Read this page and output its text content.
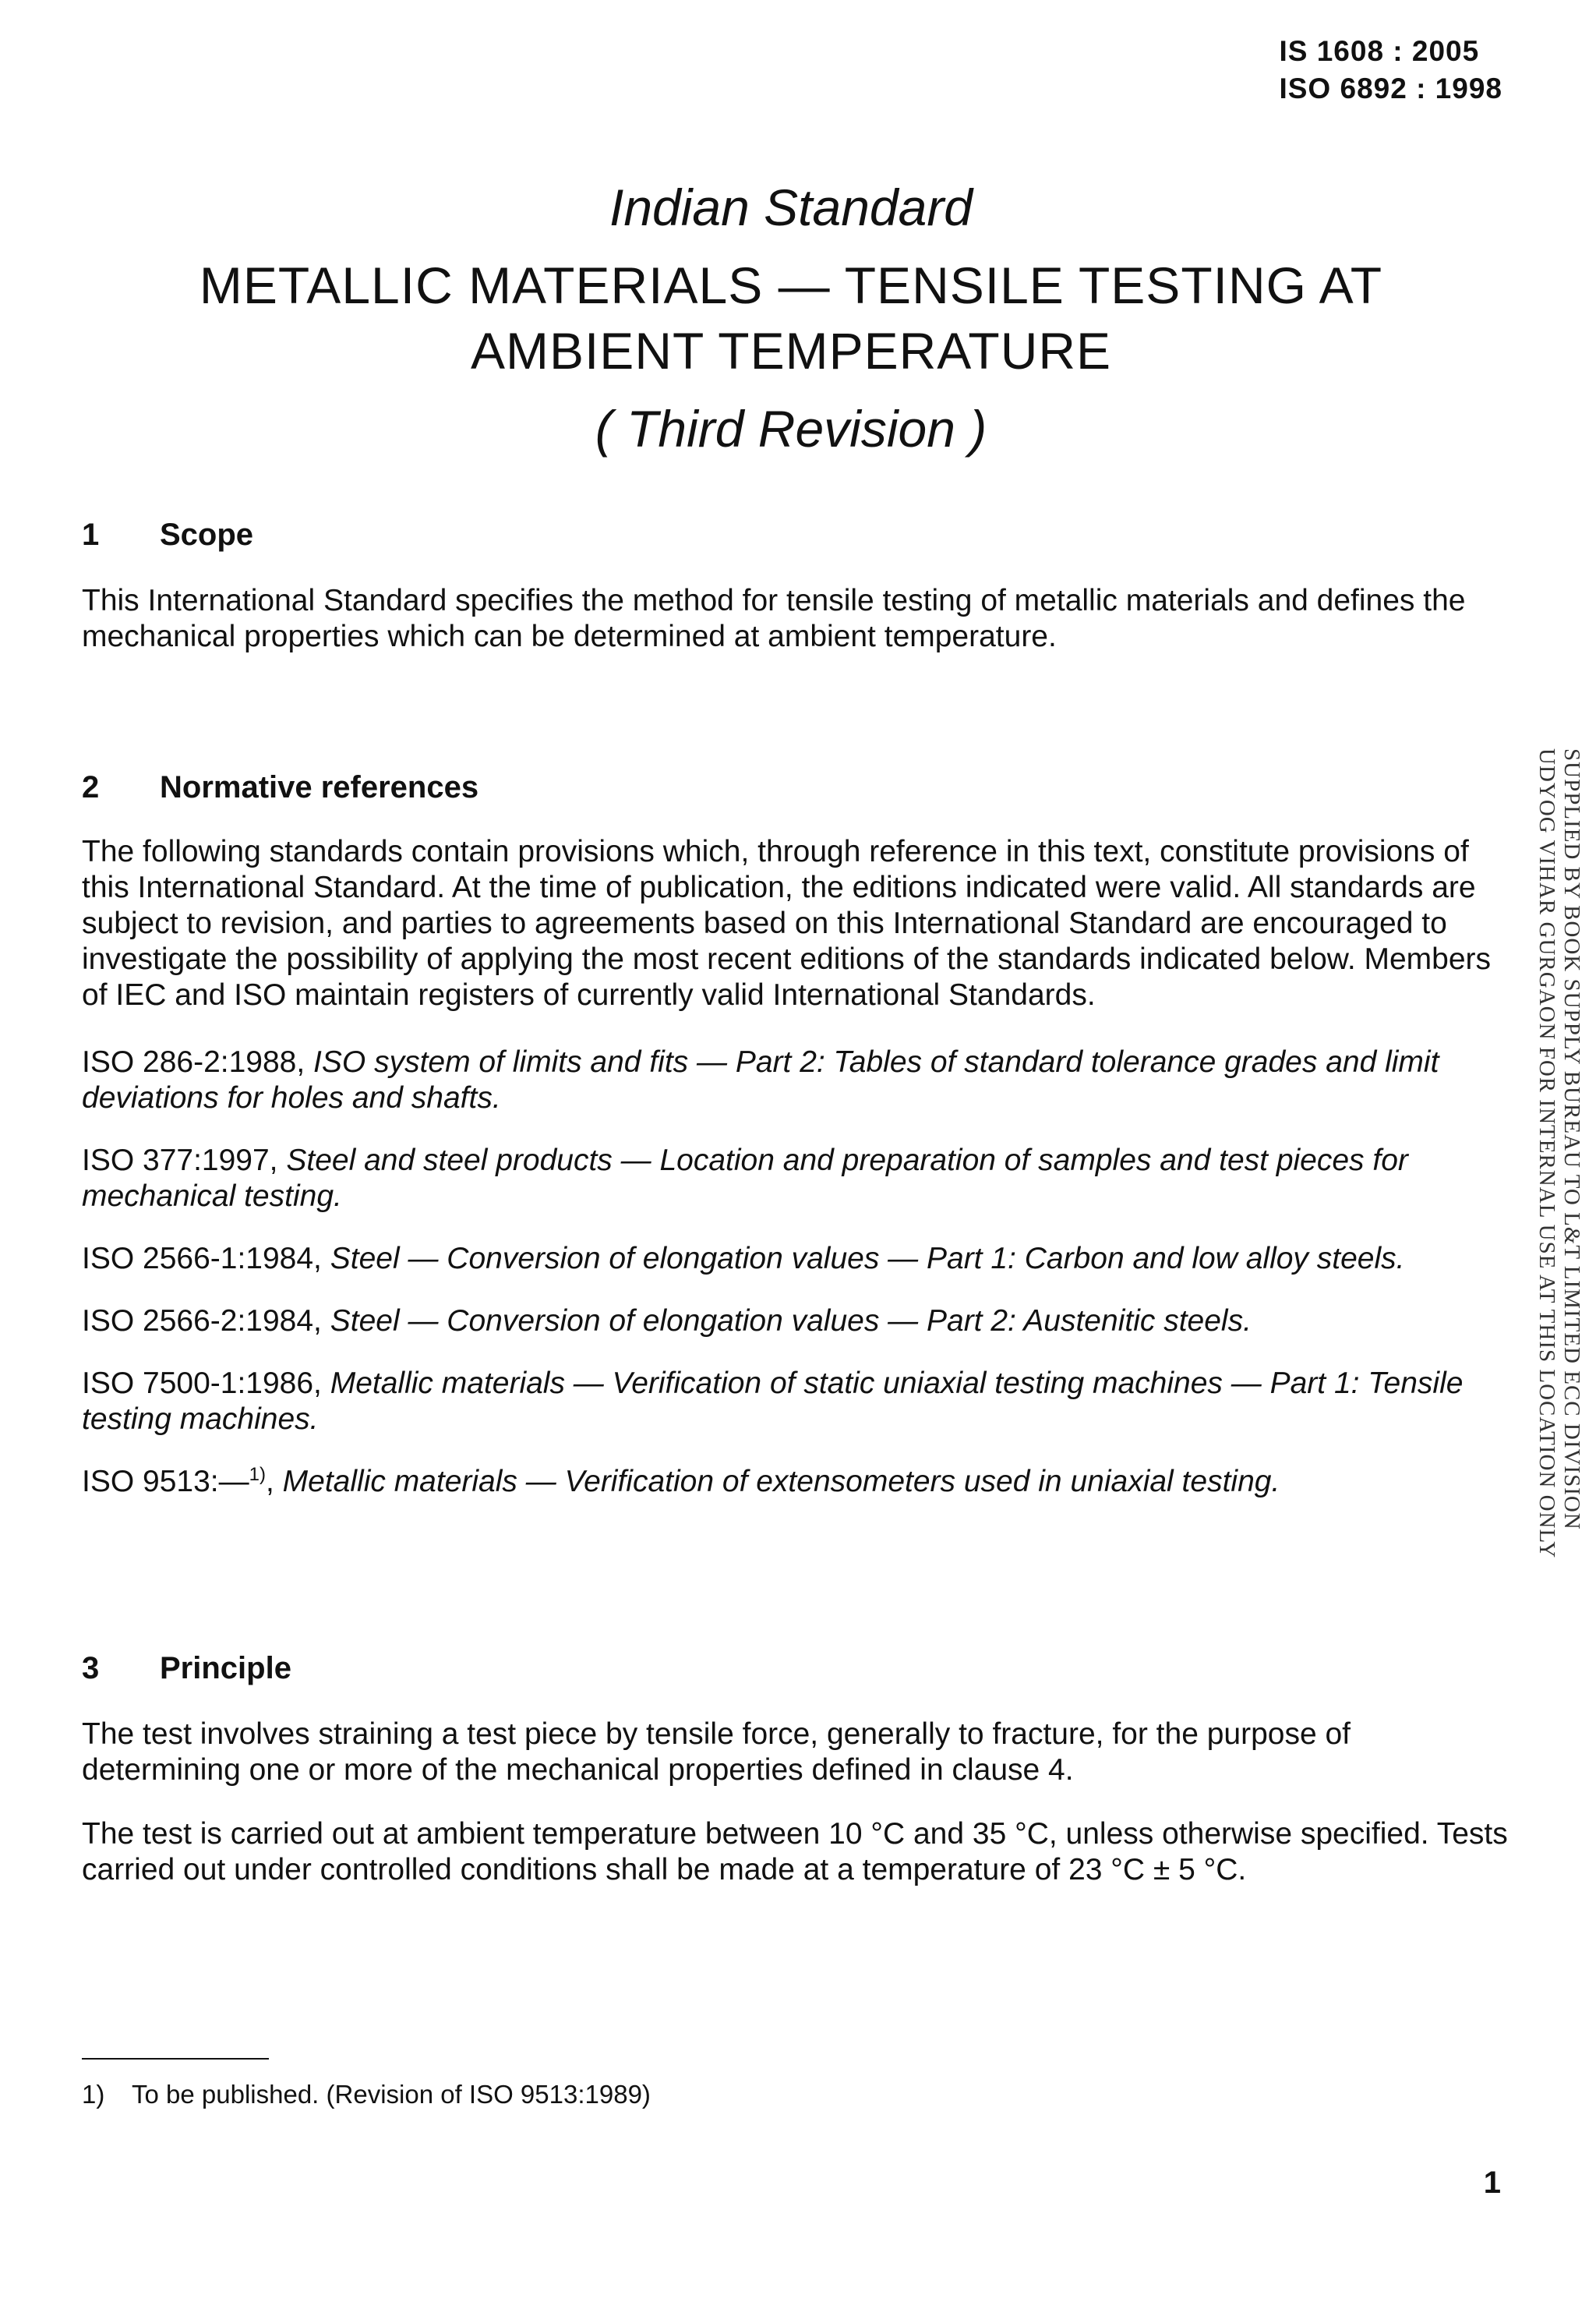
IS 1608 : 2005
ISO 6892 : 1998
Indian Standard
METALLIC MATERIALS — TENSILE TESTING AT
AMBIENT TEMPERATURE
( Third Revision )
1 Scope
This International Standard specifies the method for tensile testing of metallic materials and defines the mechanical properties which can be determined at ambient temperature.
2 Normative references
The following standards contain provisions which, through reference in this text, constitute provisions of this International Standard. At the time of publication, the editions indicated were valid. All standards are subject to revision, and parties to agreements based on this International Standard are encouraged to investigate the possibility of applying the most recent editions of the standards indicated below. Members of IEC and ISO maintain registers of currently valid International Standards.
ISO 286-2:1988, ISO system of limits and fits — Part 2: Tables of standard tolerance grades and limit deviations for holes and shafts.
ISO 377:1997, Steel and steel products — Location and preparation of samples and test pieces for mechanical testing.
ISO 2566-1:1984, Steel — Conversion of elongation values — Part 1: Carbon and low alloy steels.
ISO 2566-2:1984, Steel — Conversion of elongation values — Part 2: Austenitic steels.
ISO 7500-1:1986, Metallic materials — Verification of static uniaxial testing machines — Part 1: Tensile testing machines.
ISO 9513:—$^{1)}$, Metallic materials — Verification of extensometers used in uniaxial testing.
3 Principle
The test involves straining a test piece by tensile force, generally to fracture, for the purpose of determining one or more of the mechanical properties defined in clause 4.
The test is carried out at ambient temperature between 10 °C and 35 °C, unless otherwise specified. Tests carried out under controlled conditions shall be made at a temperature of 23 °C ± 5 °C.
1) To be published. (Revision of ISO 9513:1989)
1
SUPPLIED BY BOOK SUPPLY BUREAU TO L&T LIMITED ECC DIVISION
UDYOG VIHAR GURGAON FOR INTERNAL USE AT THIS LOCATION ONLY
